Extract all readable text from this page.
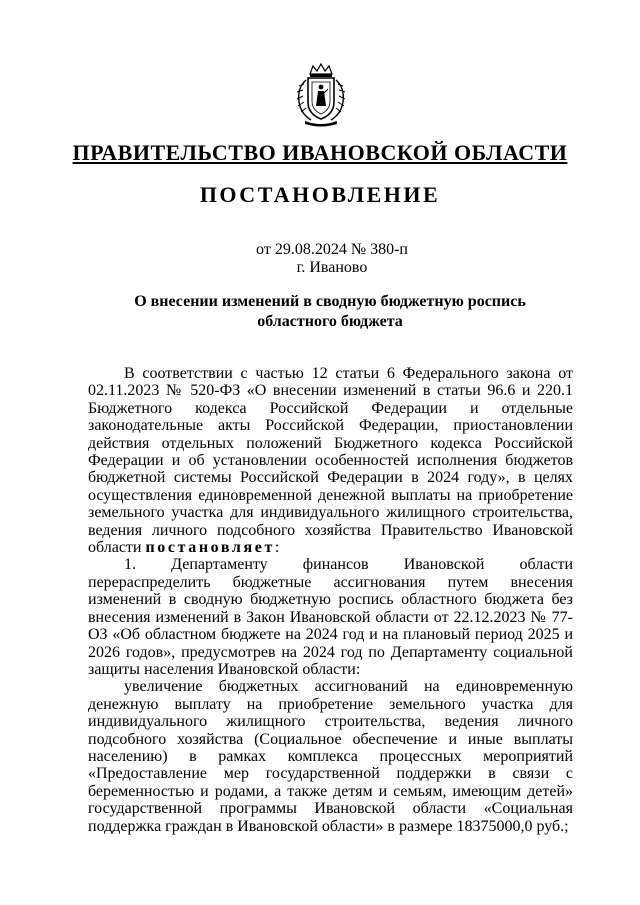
ПРАВИТЕЛЬСТВО ИВАНОВСКОЙ ОБЛАСТИ
ПОСТАНОВЛЕНИЕ
от 29.08.2024 № 380-п
г. Иваново
О внесении изменений в сводную бюджетную роспись
областного бюджета

В соответствии с частью 12 статьи 6 Федерального закона от 02.11.2023 № 520-ФЗ «О внесении изменений в статьи 96.6 и 220.1 Бюджетного кодекса Российской Федерации и отдельные законодательные акты Российской Федерации, приостановлении действия отдельных положений Бюджетного кодекса Российской Федерации и об установлении особенностей исполнения бюджетов бюджетной системы Российской Федерации в 2024 году», в целях осуществления единовременной денежной выплаты на приобретение земельного участка для индивидуального жилищного строительства, ведения личного подсобного хозяйства Правительство Ивановской области постановляет:

1. Департаменту финансов Ивановской области перераспределить бюджетные ассигнования путем внесения изменений в сводную бюджетную роспись областного бюджета без внесения изменений в Закон Ивановской области от 22.12.2023 № 77-ОЗ «Об областном бюджете на 2024 год и на плановый период 2025 и 2026 годов», предусмотрев на 2024 год по Департаменту социальной защиты населения Ивановской области:

увеличение бюджетных ассигнований на единовременную денежную выплату на приобретение земельного участка для индивидуального жилищного строительства, ведения личного подсобного хозяйства (Социальное обеспечение и иные выплаты населению) в рамках комплекса процессных мероприятий «Предоставление мер государственной поддержки в связи с беременностью и родами, а также детям и семьям, имеющим детей» государственной программы Ивановской области «Социальная поддержка граждан в Ивановской области» в размере 18375000,0 руб.;
